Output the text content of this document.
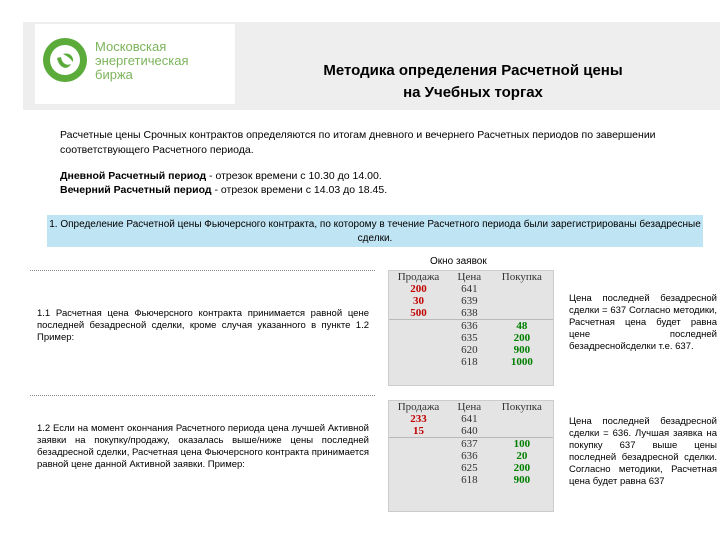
Московская
энергетическая
биржа	Методика определения Расчетной цены
на Учебных торгах
Расчетные цены Срочных контрактов определяются по итогам дневного и вечернего Расчетных периодов по завершении соответствующего Расчетного периода.
Дневной Расчетный период - отрезок времени с 10.30 до 14.00.
Вечерний Расчетный период - отрезок времени с 14.03 до 18.45.
1. Определение Расчетной цены Фьючерсного контракта, по которому в течение Расчетного периода были зарегистрированы безадресные сделки.
Окно заявок
1.1 Расчетная цена Фьючерсного контракта принимается равной цене последней безадресной сделки, кроме случая указанного в пункте 1.2 Пример:
Продажа	Цена	Покупка
200	641	
30	639	
500	638	
	636	48
	635	200
	620	900
	618	1000
Цена последней безадресной сделки = 637 Согласно методики, Расчетная цена будет равна цене последней безадреснойсделки т.е. 637.
1.2 Если на момент окончания Расчетного периода цена лучшей Активной заявки на покупку/продажу, оказалась выше/ниже цены последней безадресной сделки, Расчетная цена Фьючерсного контракта принимается равной цене данной Активной заявки. Пример:
Продажа	Цена	Покупка
233	641	
15	640	
	637	100
	636	20
	625	200
	618	900
Цена последней безадресной сделки = 636. Лучшая заявка на покупку 637 выше цены последней безадресной сделки. Согласно методики, Расчетная цена будет равна 637
